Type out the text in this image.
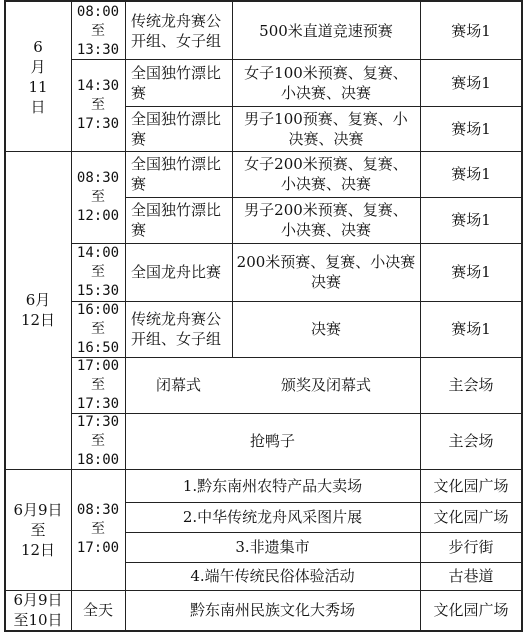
6
月
11
日
6月
12日
6月9日
至
12日
6月9日
至10日
08:00
至
13:30
14:30
至
17:30
08:30
至
12:00
14:00
至
15:30
16:00
至
16:50
17:00
至
17:30
17:30
至
18:00
08:30
至
17:00
全天
传统龙舟赛公
开组、女子组
全国独竹漂比
赛
全国独竹漂比
赛
全国独竹漂比
赛
全国独竹漂比
赛
全国龙舟比赛
传统龙舟赛公
开组、女子组
闭幕式
500米直道竞速预赛
女子100米预赛、复赛、
小决赛、决赛
男子100预赛、复赛、小
决赛、决赛
女子200米预赛、复赛、
小决赛、决赛
男子200米预赛、复赛、
小决赛、决赛
200米预赛、复赛、小决赛
决赛
决赛
颁奖及闭幕式
抢鸭子
1.黔东南州农特产品大卖场
2.中华传统龙舟风采图片展
3.非遗集市
4.端午传统民俗体验活动
黔东南州民族文化大秀场
赛场1
赛场1
赛场1
赛场1
赛场1
赛场1
赛场1
主会场
主会场
文化园广场
文化园广场
步行街
古巷道
文化园广场
